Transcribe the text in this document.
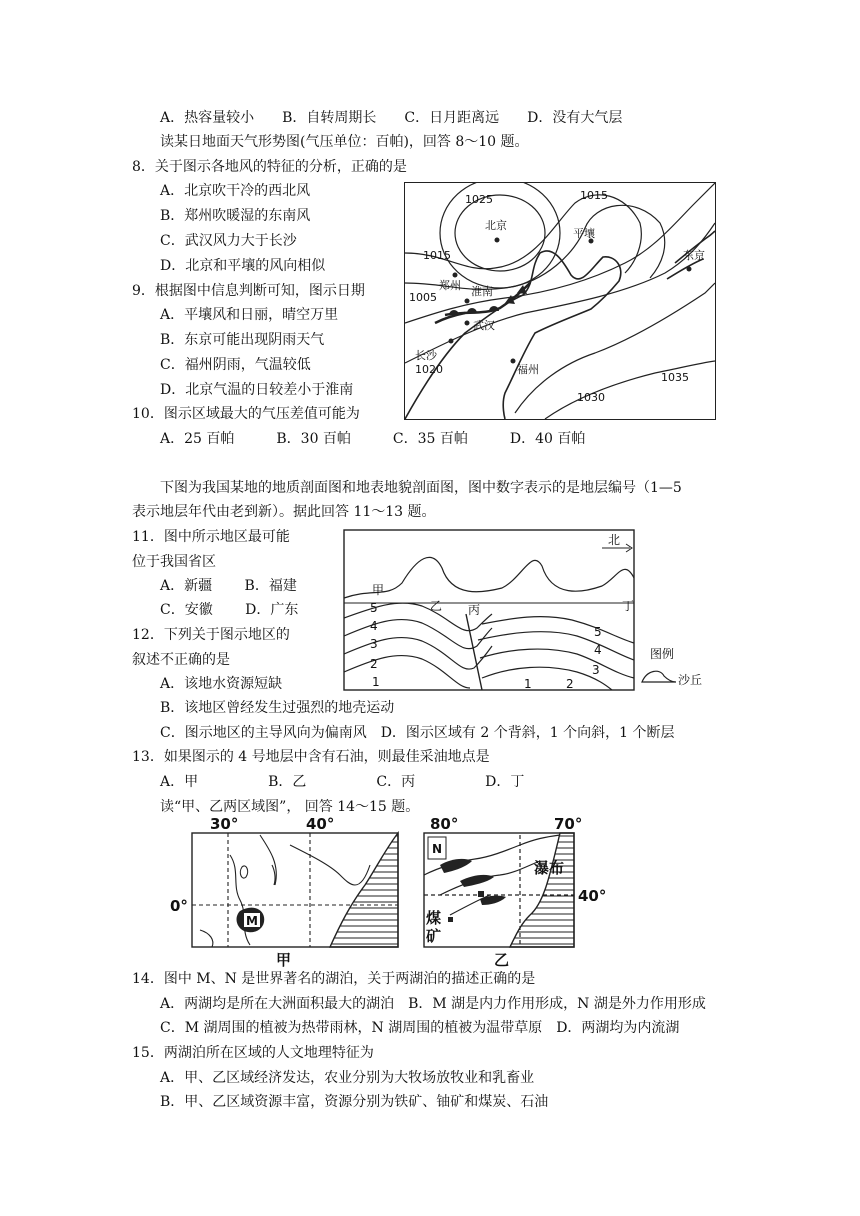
A．热容量较小　　B．自转周期长　　C．日月距离远　　D．没有大气层
读某日地面天气形势图(气压单位：百帕)，回答 8～10 题。
8．关于图示各地风的特征的分析，正确的是
A．北京吹干冷的西北风
B．郑州吹暖湿的东南风
C．武汉风力大于长沙
D．北京和平壤的风向相似
9．根据图中信息判断可知，图示日期
A．平壤风和日丽，晴空万里
B．东京可能出现阴雨天气
C．福州阴雨，气温较低
D．北京气温的日较差小于淮南
10．图示区域最大的气压差值可能为
A．25 百帕　　　B．30 百帕　　　C．35 百帕　　　D．40 百帕
1025	1015
1015
1005
1020
1030
1035
北京
平壤
东京
郑州 淮南
武汉
长沙
福州
下图为我国某地的地质剖面图和地表地貌剖面图，图中数字表示的是地层编号（1—5
表示地层年代由老到新）。据此回答 11～13 题。
11．图中所示地区最可能
位于我国省区
A．新疆　　 B．福建
C．安徽　　 D．广东
12．下列关于图示地区的
叙述不正确的是
A．该地水资源短缺
B．该地区曾经发生过强烈的地壳运动
C．图示地区的主导风向为偏南风　D．图示区域有 2 个背斜，1 个向斜，1 个断层
北
甲
乙 丙	丁
5
4
3
2
1
5
4
3
2
1
图例
沙丘
13．如果图示的 4 号地层中含有石油，则最佳采油地点是
A．甲　　　　　B．乙　　　　　C．丙　　　　　D．丁
读“甲、乙两区域图”， 回答 14～15 题。
30°	40°
0°
甲
M
80°	70°
40°
瀑布
煤
矿
乙
N
14．图中 M、N 是世界著名的湖泊，关于两湖泊的描述正确的是
A．两湖均是所在大洲面积最大的湖泊　B．M 湖是内力作用形成，N 湖是外力作用形成
C．M 湖周围的植被为热带雨林，N 湖周围的植被为温带草原　D．两湖均为内流湖
15．两湖泊所在区域的人文地理特征为
A．甲、乙区域经济发达，农业分别为大牧场放牧业和乳畜业
B．甲、乙区域资源丰富，资源分别为铁矿、铀矿和煤炭、石油
